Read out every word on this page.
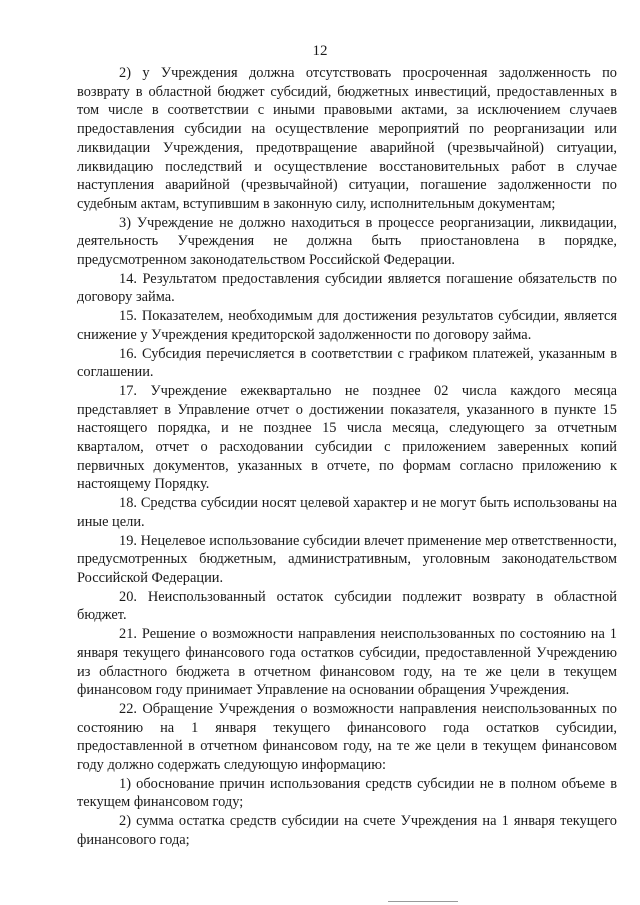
12

2) у Учреждения должна отсутствовать просроченная задолженность по возврату в областной бюджет субсидий, бюджетных инвестиций, предоставленных в том числе в соответствии с иными правовыми актами, за исключением случаев предоставления субсидии на осуществление мероприятий по реорганизации или ликвидации Учреждения, предотвращение аварийной (чрезвычайной) ситуации, ликвидацию последствий и осуществление восстановительных работ в случае наступления аварийной (чрезвычайной) ситуации, погашение задолженности по судебным актам, вступившим в законную силу, исполнительным документам;

3) Учреждение не должно находиться в процессе реорганизации, ликвидации, деятельность Учреждения не должна быть приостановлена в порядке, предусмотренном законодательством Российской Федерации.

14. Результатом предоставления субсидии является погашение обязательств по договору займа.

15. Показателем, необходимым для достижения результатов субсидии, является снижение у Учреждения кредиторской задолженности по договору займа.

16. Субсидия перечисляется в соответствии с графиком платежей, указанным в соглашении.

17. Учреждение ежеквартально не позднее 02 числа каждого месяца представляет в Управление отчет о достижении показателя, указанного в пункте 15 настоящего порядка, и не позднее 15 числа месяца, следующего за отчетным кварталом, отчет о расходовании субсидии с приложением заверенных копий первичных документов, указанных в отчете, по формам согласно приложению к настоящему Порядку.

18. Средства субсидии носят целевой характер и не могут быть использованы на иные цели.

19. Нецелевое использование субсидии влечет применение мер ответственности, предусмотренных бюджетным, административным, уголовным законодательством Российской Федерации.

20. Неиспользованный остаток субсидии подлежит возврату в областной бюджет.

21. Решение о возможности направления неиспользованных по состоянию на 1 января текущего финансового года остатков субсидии, предоставленной Учреждению из областного бюджета в отчетном финансовом году, на те же цели в текущем финансовом году принимает Управление на основании обращения Учреждения.

22. Обращение Учреждения о возможности направления неиспользованных по состоянию на 1 января текущего финансового года остатков субсидии, предоставленной в отчетном финансовом году, на те же цели в текущем финансовом году должно содержать следующую информацию:

1) обоснование причин использования средств субсидии не в полном объеме в текущем финансовом году;

2) сумма остатка средств субсидии на счете Учреждения на 1 января текущего финансового года;
